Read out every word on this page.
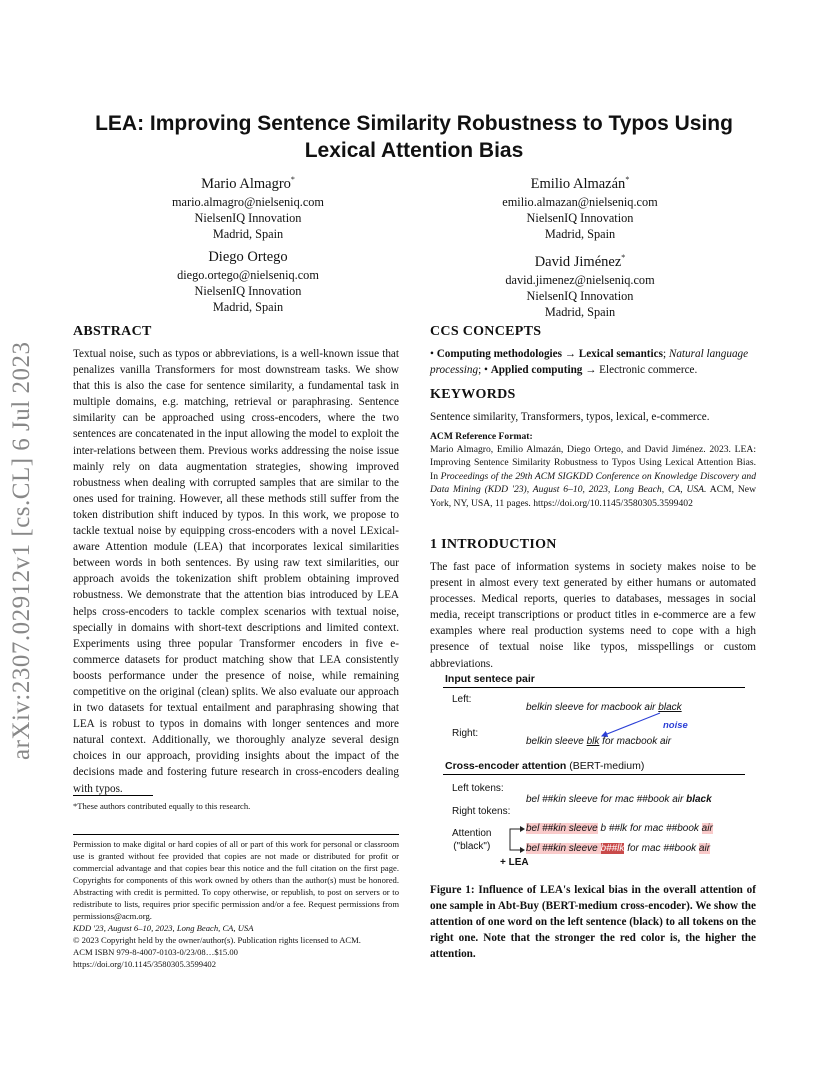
arXiv:2307.02912v1 [cs.CL] 6 Jul 2023
LEA: Improving Sentence Similarity Robustness to Typos Using
Lexical Attention Bias
Mario Almagro*
mario.almagro@nielseniq.com
NielsenIQ Innovation
Madrid, Spain
Emilio Almazán*
emilio.almazan@nielseniq.com
NielsenIQ Innovation
Madrid, Spain
Diego Ortego
diego.ortego@nielseniq.com
NielsenIQ Innovation
Madrid, Spain
David Jiménez*
david.jimenez@nielseniq.com
NielsenIQ Innovation
Madrid, Spain
ABSTRACT
Textual noise, such as typos or abbreviations, is a well-known issue that penalizes vanilla Transformers for most downstream tasks. We show that this is also the case for sentence similarity, a fundamental task in multiple domains, e.g. matching, retrieval or paraphrasing. Sentence similarity can be approached using cross-encoders, where the two sentences are concatenated in the input allowing the model to exploit the inter-relations between them. Previous works addressing the noise issue mainly rely on data augmentation strategies, showing improved robustness when dealing with corrupted samples that are similar to the ones used for training. However, all these methods still suffer from the token distribution shift induced by typos. In this work, we propose to tackle textual noise by equipping cross-encoders with a novel LExical-aware Attention module (LEA) that incorporates lexical similarities between words in both sentences. By using raw text similarities, our approach avoids the tokenization shift problem obtaining improved robustness. We demonstrate that the attention bias introduced by LEA helps cross-encoders to tackle complex scenarios with textual noise, specially in domains with short-text descriptions and limited context. Experiments using three popular Transformer encoders in five e-commerce datasets for product matching show that LEA consistently boosts performance under the presence of noise, while remaining competitive on the original (clean) splits. We also evaluate our approach in two datasets for textual entailment and paraphrasing showing that LEA is robust to typos in domains with longer sentences and more natural context. Additionally, we thoroughly analyze several design choices in our approach, providing insights about the impact of the decisions made and fostering future research in cross-encoders dealing with typos.
*These authors contributed equally to this research.
Permission to make digital or hard copies of all or part of this work for personal or classroom use is granted without fee provided that copies are not made or distributed for profit or commercial advantage and that copies bear this notice and the full citation on the first page. Copyrights for components of this work owned by others than the author(s) must be honored. Abstracting with credit is permitted. To copy otherwise, or republish, to post on servers or to redistribute to lists, requires prior specific permission and/or a fee. Request permissions from permissions@acm.org.
KDD '23, August 6–10, 2023, Long Beach, CA, USA
© 2023 Copyright held by the owner/author(s). Publication rights licensed to ACM.
ACM ISBN 979-8-4007-0103-0/23/08…$15.00
https://doi.org/10.1145/3580305.3599402
CCS CONCEPTS
• Computing methodologies → Lexical semantics; Natural language processing; • Applied computing → Electronic commerce.
KEYWORDS
Sentence similarity, Transformers, typos, lexical, e-commerce.
ACM Reference Format:
Mario Almagro, Emilio Almazán, Diego Ortego, and David Jiménez. 2023. LEA: Improving Sentence Similarity Robustness to Typos Using Lexical Attention Bias. In Proceedings of the 29th ACM SIGKDD Conference on Knowledge Discovery and Data Mining (KDD '23), August 6–10, 2023, Long Beach, CA, USA. ACM, New York, NY, USA, 11 pages. https://doi.org/10.1145/3580305.3599402
1 INTRODUCTION
The fast pace of information systems in society makes noise to be present in almost every text generated by either humans or automated processes. Medical reports, queries to databases, messages in social media, receipt transcriptions or product titles in e-commerce are a few examples where real production systems need to cope with a high presence of textual noise like typos, misspellings or custom abbreviations.
Input sentece pair
Left:
belkin sleeve for macbook air black
noise
Right:
belkin sleeve blk for macbook air
Cross-encoder attention (BERT-medium)
Left tokens:
bel ##kin sleeve for mac ##book air black
Right tokens:
Attention
("black")
bel ##kin sleeve b ##lk for mac ##book air
bel ##kin sleeve b##lk for mac ##book air
+ LEA
Figure 1: Influence of LEA's lexical bias in the overall attention of one sample in Abt-Buy (BERT-medium cross-encoder). We show the attention of one word on the left sentence (black) to all tokens on the right one. Note that the stronger the red color is, the higher the attention.
